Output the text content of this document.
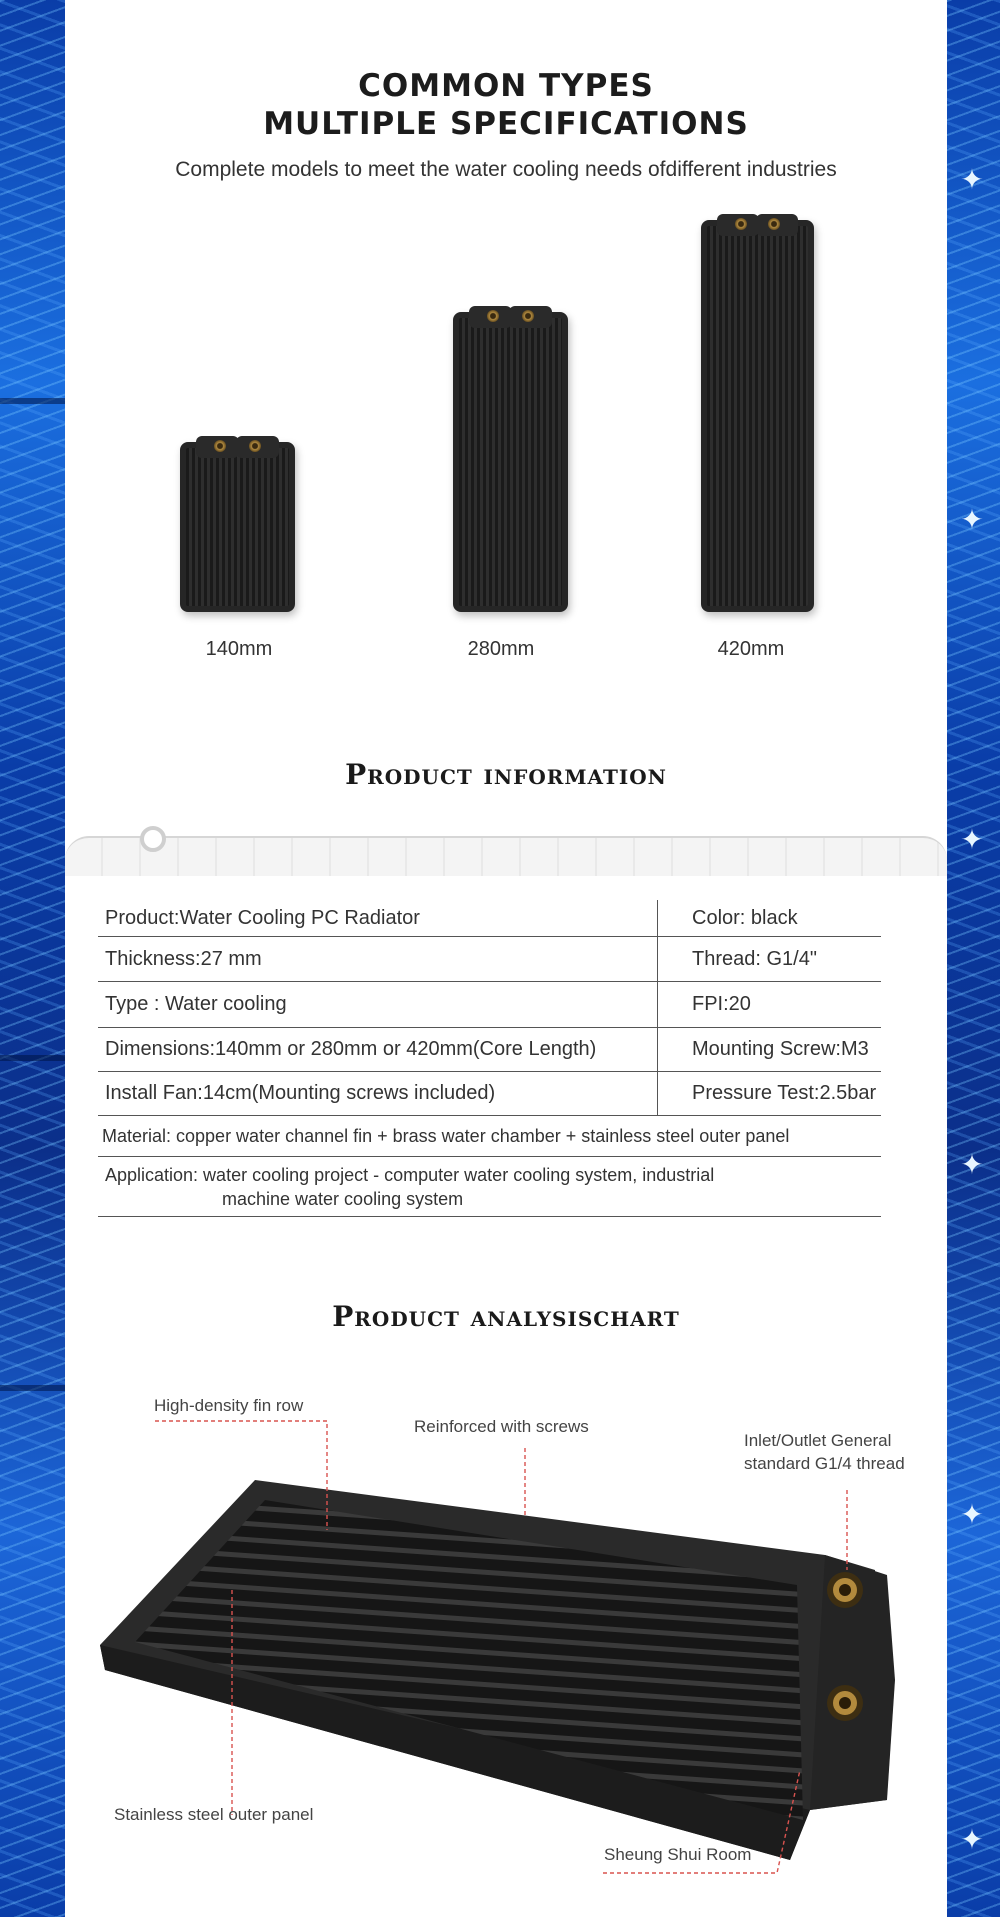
✦
✦
✦
✦
✦
✦
COMMON TYPES
MULTIPLE SPECIFICATIONS
Complete models to meet the water cooling needs ofdifferent industries
140mm	280mm	420mm
Product information
Product:Water Cooling PC Radiator	Color: black
Thickness:27 mm	Thread: G1/4"
Type : Water cooling	FPI:20
Dimensions:140mm or 280mm or 420mm(Core Length)	Mounting Screw:M3
Install Fan:14cm(Mounting screws included)	Pressure Test:2.5bar
Material: copper water channel fin + brass water chamber + stainless steel outer panel
Application: water cooling project - computer water cooling system, industrial
machine water cooling system
Product analysischart
High-density fin row
Reinforced with screws
Inlet/Outlet General standard G1/4 thread
Stainless steel outer panel
Sheung Shui Room
